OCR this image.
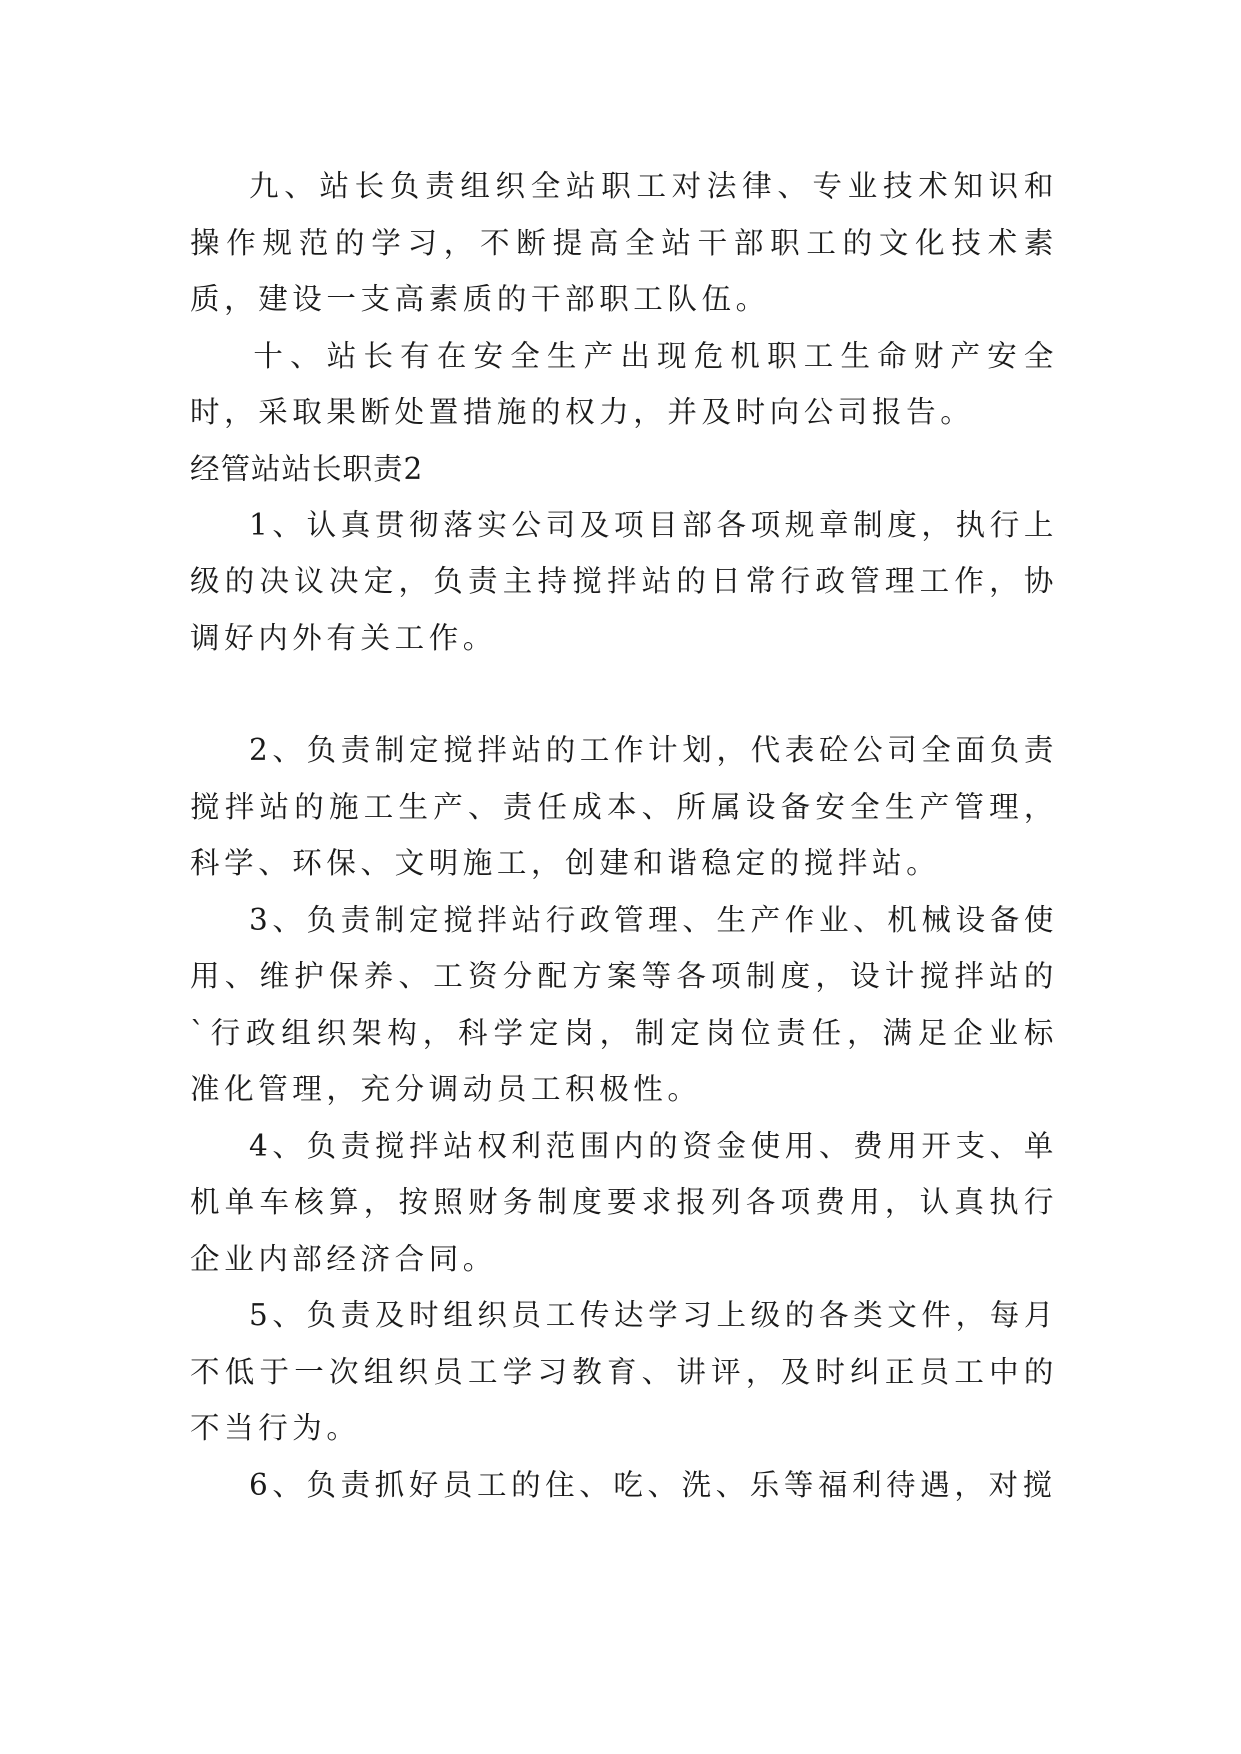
九、站长负责组织全站职工对法律、专业技术知识和操作规范的学习，不断提高全站干部职工的文化技术素质，建设一支高素质的干部职工队伍。

十、站长有在安全生产出现危机职工生命财产安全时，采取果断处置措施的权力，并及时向公司报告。

经管站站长职责2

1、认真贯彻落实公司及项目部各项规章制度，执行上级的决议决定，负责主持搅拌站的日常行政管理工作，协调好内外有关工作。

2、负责制定搅拌站的工作计划，代表砼公司全面负责搅拌站的施工生产、责任成本、所属设备安全生产管理，科学、环保、文明施工，创建和谐稳定的搅拌站。

3、负责制定搅拌站行政管理、生产作业、机械设备使用、维护保养、工资分配方案等各项制度，设计搅拌站的`行政组织架构，科学定岗，制定岗位责任，满足企业标准化管理，充分调动员工积极性。

4、负责搅拌站权利范围内的资金使用、费用开支、单机单车核算，按照财务制度要求报列各项费用，认真执行企业内部经济合同。

5、负责及时组织员工传达学习上级的各类文件，每月不低于一次组织员工学习教育、讲评，及时纠正员工中的不当行为。

6、负责抓好员工的住、吃、洗、乐等福利待遇，对搅
